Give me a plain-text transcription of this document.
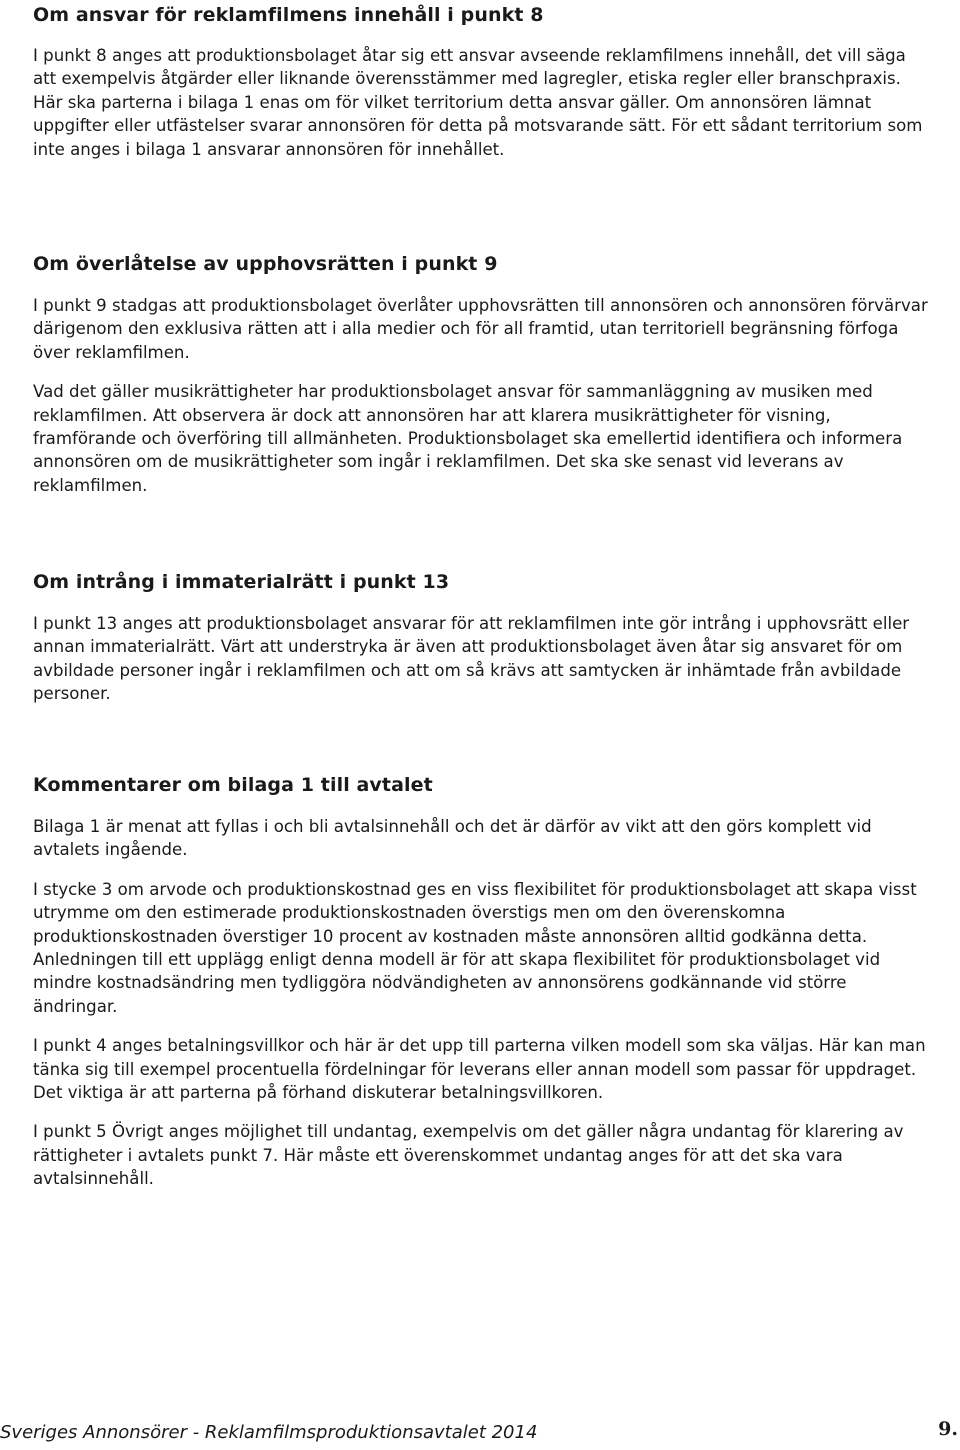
Om ansvar för reklamfilmens innehåll i punkt 8

I punkt 8 anges att produktionsbolaget åtar sig ett ansvar avseende reklamfilmens innehåll, det vill säga att exempelvis åtgärder eller liknande överensstämmer med lagregler, etiska regler eller branschpraxis. Här ska parterna i bilaga 1 enas om för vilket territorium detta ansvar gäller. Om annonsören lämnat uppgifter eller utfästelser svarar annonsören för detta på motsvarande sätt. För ett sådant territorium som inte anges i bilaga 1 ansvarar annonsören för innehållet.

Om överlåtelse av upphovsrätten i punkt 9

I punkt 9 stadgas att produktionsbolaget överlåter upphovsrätten till annonsören och annonsören förvärvar därigenom den exklusiva rätten att i alla medier och för all framtid, utan territoriell begränsning förfoga över reklamfilmen.

Vad det gäller musikrättigheter har produktionsbolaget ansvar för sammanläggning av musiken med reklamfilmen. Att observera är dock att annonsören har att klarera musikrättigheter för visning, framförande och överföring till allmänheten. Produktionsbolaget ska emellertid identifiera och informera annonsören om de musikrättigheter som ingår i reklamfilmen. Det ska ske senast vid leverans av reklamfilmen.

Om intrång i immaterialrätt i punkt 13

I punkt 13 anges att produktionsbolaget ansvarar för att reklamfilmen inte gör intrång i upphovsrätt eller annan immaterialrätt. Värt att understryka är även att produktionsbolaget även åtar sig ansvaret för om avbildade personer ingår i reklamfilmen och att om så krävs att samtycken är inhämtade från avbildade personer.

Kommentarer om bilaga 1 till avtalet

Bilaga 1 är menat att fyllas i och bli avtalsinnehåll och det är därför av vikt att den görs komplett vid avtalets ingående.

I stycke 3 om arvode och produktionskostnad ges en viss flexibilitet för produktionsbolaget att skapa visst utrymme om den estimerade produktionskostnaden överstigs men om den överenskomna produktionskostnaden överstiger 10 procent av kostnaden måste annonsören alltid godkänna detta. Anledningen till ett upplägg enligt denna modell är för att skapa flexibilitet för produktionsbolaget vid mindre kostnadsändring men tydliggöra nödvändigheten av annonsörens godkännande vid större ändringar.

I punkt 4 anges betalningsvillkor och här är det upp till parterna vilken modell som ska väljas. Här kan man tänka sig till exempel procentuella fördelningar för leverans eller annan modell som passar för uppdraget. Det viktiga är att parterna på förhand diskuterar betalningsvillkoren.

I punkt 5 Övrigt anges möjlighet till undantag, exempelvis om det gäller några undantag för klarering av rättigheter i avtalets punkt 7. Här måste ett överenskommet undantag anges för att det ska vara avtalsinnehåll.

Sveriges Annonsörer - Reklamfilmsproduktionsavtalet 2014	9.
